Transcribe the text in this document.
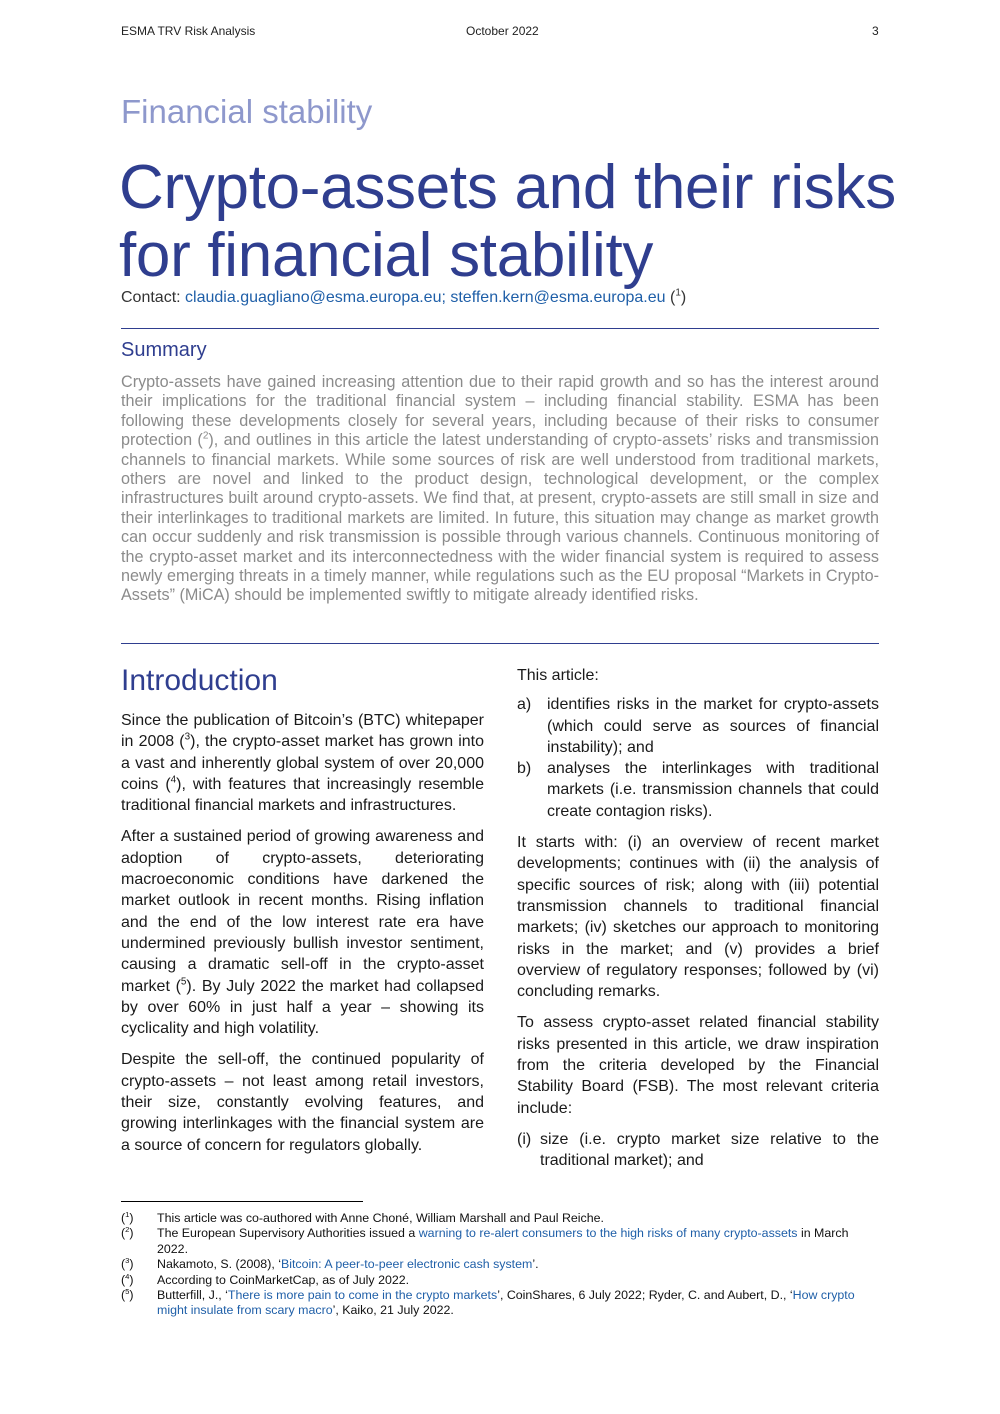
ESMA TRV Risk Analysis	October 2022	3
Financial stability
Crypto-assets and their risks
for financial stability
Contact: claudia.guagliano@esma.europa.eu; steffen.kern@esma.europa.eu ($^1$)
Summary

Crypto-assets have gained increasing attention due to their rapid growth and so has the interest around their implications for the traditional financial system – including financial stability. ESMA has been following these developments closely for several years, including because of their risks to consumer protection ($^2$), and outlines in this article the latest understanding of crypto-assets’ risks and transmission channels to financial markets. While some sources of risk are well understood from traditional markets, others are novel and linked to the product design, technological development, or the complex infrastructures built around crypto-assets. We find that, at present, crypto-assets are still small in size and their interlinkages to traditional markets are limited. In future, this situation may change as market growth can occur suddenly and risk transmission is possible through various channels. Continuous monitoring of the crypto-asset market and its interconnectedness with the wider financial system is required to assess newly emerging threats in a timely manner, while regulations such as the EU proposal “Markets in Crypto-Assets” (MiCA) should be implemented swiftly to mitigate already identified risks.

Introduction

Since the publication of Bitcoin’s (BTC) whitepaper in 2008 ($^3$), the crypto-asset market has grown into a vast and inherently global system of over 20,000 coins ($^4$), with features that increasingly resemble traditional financial markets and infrastructures.

After a sustained period of growing awareness and adoption of crypto-assets, deteriorating macroeconomic conditions have darkened the market outlook in recent months. Rising inflation and the end of the low interest rate era have undermined previously bullish investor sentiment, causing a dramatic sell-off in the crypto-asset market ($^5$). By July 2022 the market had collapsed by over 60% in just half a year – showing its cyclicality and high volatility.

Despite the sell-off, the continued popularity of crypto-assets – not least among retail investors, their size, constantly evolving features, and growing interlinkages with the financial system are a source of concern for regulators globally.

This article:

a) identifies risks in the market for crypto-assets (which could serve as sources of financial instability); and
b) analyses the interlinkages with traditional markets (i.e. transmission channels that could create contagion risks).

It starts with: (i) an overview of recent market developments; continues with (ii) the analysis of specific sources of risk; along with (iii) potential transmission channels to traditional financial markets; (iv) sketches our approach to monitoring risks in the market; and (v) provides a brief overview of regulatory responses; followed by (vi) concluding remarks.

To assess crypto-asset related financial stability risks presented in this article, we draw inspiration from the criteria developed by the Financial Stability Board (FSB). The most relevant criteria include:

(i) size (i.e. crypto market size relative to the traditional market); and
($^1$)	This article was co-authored with Anne Choné, William Marshall and Paul Reiche.
($^2$)	The European Supervisory Authorities issued a warning to re-alert consumers to the high risks of many crypto-assets in March 2022.
($^3$)	Nakamoto, S. (2008), ‘Bitcoin: A peer-to-peer electronic cash system’.
($^4$)	According to CoinMarketCap, as of July 2022.
($^5$)	Butterfill, J., ‘There is more pain to come in the crypto markets’, CoinShares, 6 July 2022; Ryder, C. and Aubert, D., ‘How crypto might insulate from scary macro’, Kaiko, 21 July 2022.
